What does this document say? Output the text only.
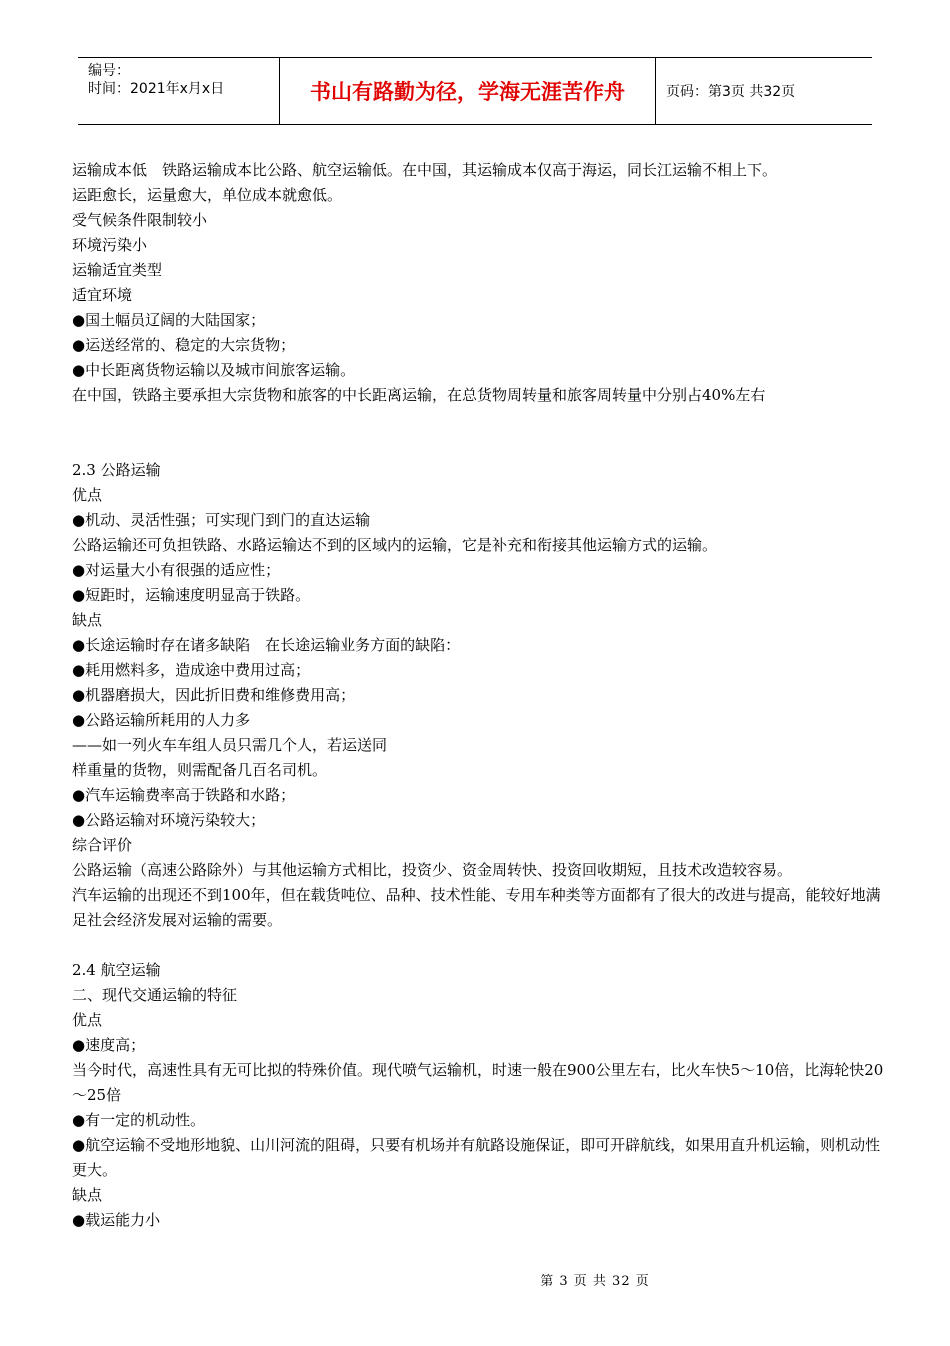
编号：
时间：2021年x月x日	书山有路勤为径，学海无涯苦作舟	页码：第3页 共32页

运输成本低　铁路运输成本比公路、航空运输低。在中国，其运输成本仅高于海运，同长江运输不相上下。

运距愈长，运量愈大，单位成本就愈低。

受气候条件限制较小

环境污染小

运输适宜类型

适宜环境

●国土幅员辽阔的大陆国家；

●运送经常的、稳定的大宗货物；

●中长距离货物运输以及城市间旅客运输。

在中国，铁路主要承担大宗货物和旅客的中长距离运输，在总货物周转量和旅客周转量中分别占40%左右

2.3 公路运输

优点

●机动、灵活性强；可实现门到门的直达运输

公路运输还可负担铁路、水路运输达不到的区域内的运输，它是补充和衔接其他运输方式的运输。

●对运量大小有很强的适应性；

●短距时，运输速度明显高于铁路。

缺点

●长途运输时存在诸多缺陷　在长途运输业务方面的缺陷：

●耗用燃料多，造成途中费用过高；

●机器磨损大，因此折旧费和维修费用高；

●公路运输所耗用的人力多

——如一列火车车组人员只需几个人，若运送同

样重量的货物，则需配备几百名司机。

●汽车运输费率高于铁路和水路；

●公路运输对环境污染较大；

综合评价

公路运输（高速公路除外）与其他运输方式相比，投资少、资金周转快、投资回收期短，且技术改造较容易。

汽车运输的出现还不到100年，但在载货吨位、品种、技术性能、专用车种类等方面都有了很大的改进与提高，能较好地满足社会经济发展对运输的需要。

2.4 航空运输

二、现代交通运输的特征

优点

●速度高；

当今时代，高速性具有无可比拟的特殊价值。现代喷气运输机，时速一般在900公里左右，比火车快5～10倍，比海轮快20～25倍

●有一定的机动性。

●航空运输不受地形地貌、山川河流的阻碍，只要有机场并有航路设施保证，即可开辟航线，如果用直升机运输，则机动性更大。

缺点

●载运能力小

第 3 页 共 32 页
